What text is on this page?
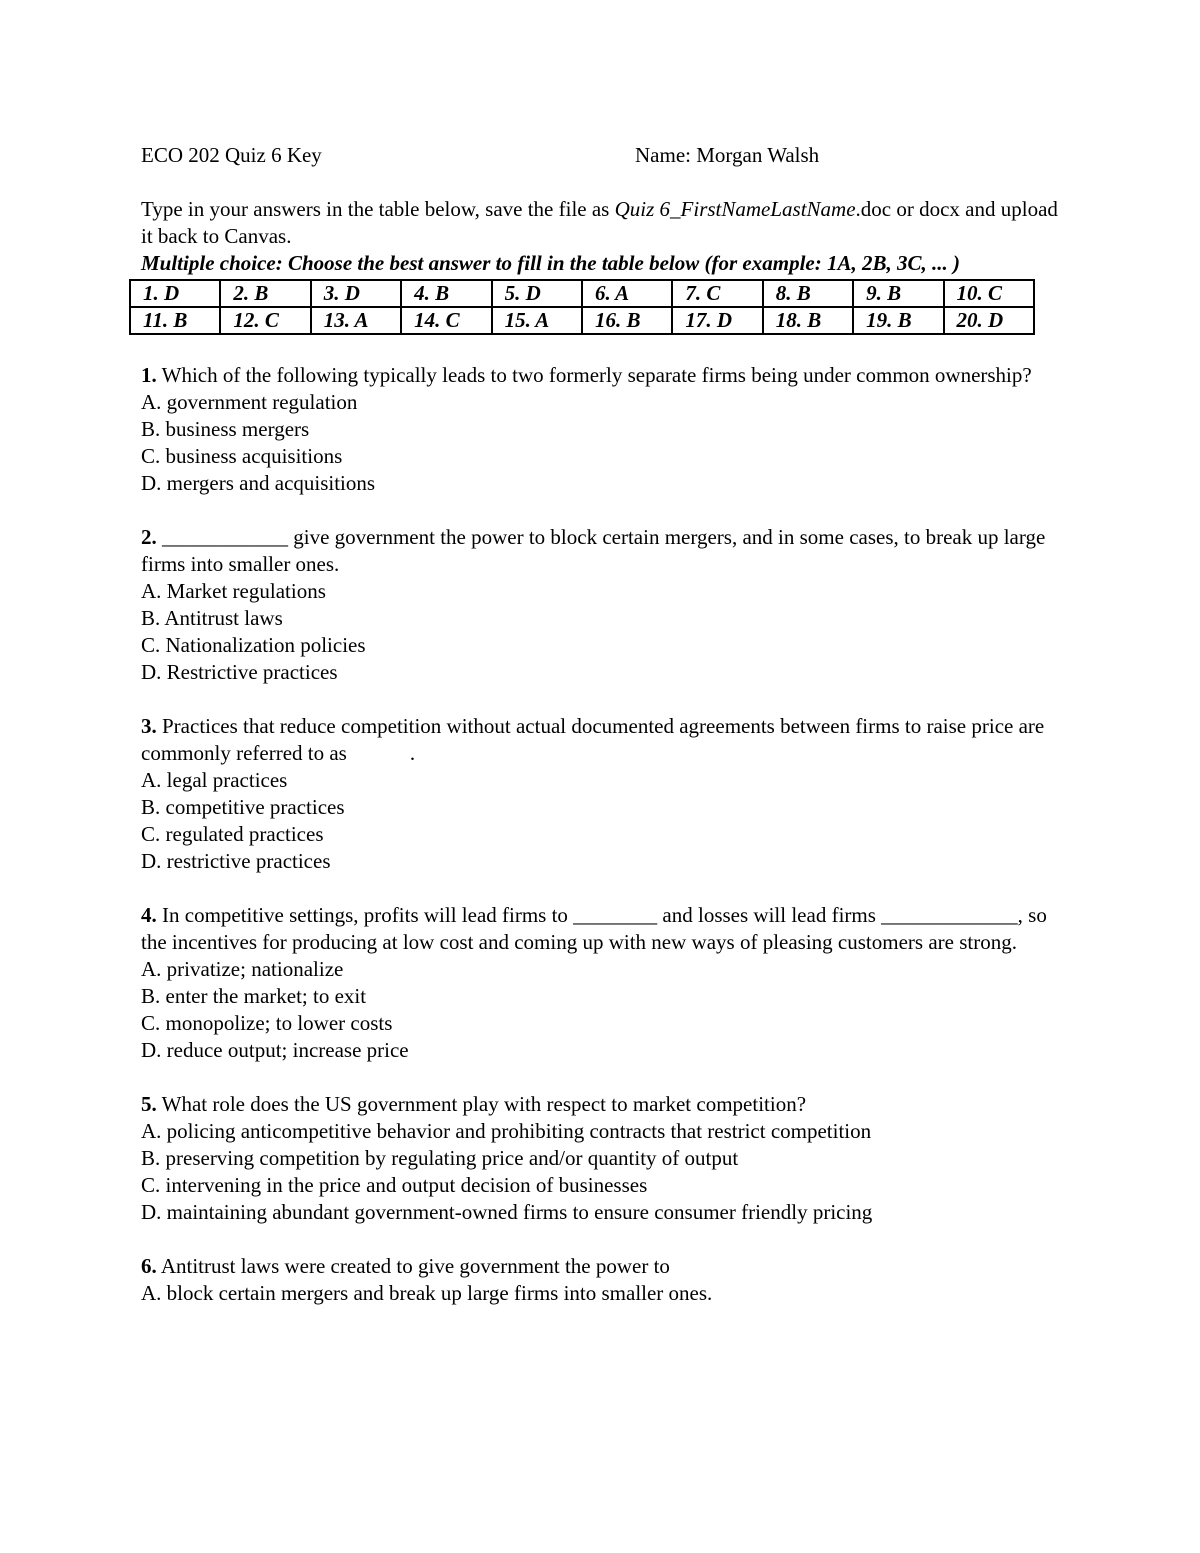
ECO 202 Quiz 6 Key	Name: Morgan Walsh
Type in your answers in the table below, save the file as Quiz 6_FirstNameLastName.doc or docx and upload it back to Canvas.
Multiple choice: Choose the best answer to fill in the table below (for example: 1A, 2B, 3C, ... )
1. D	2. B	3. D	4. B	5. D	6. A	7. C	8. B	9. B	10. C
11. B	12. C	13. A	14. C	15. A	16. B	17. D	18. B	19. B	20. D
1. Which of the following typically leads to two formerly separate firms being under common ownership?
A. government regulation
B. business mergers
C. business acquisitions
D. mergers and acquisitions
2. ____________ give government the power to block certain mergers, and in some cases, to break up large firms into smaller ones.
A. Market regulations
B. Antitrust laws
C. Nationalization policies
D. Restrictive practices
3. Practices that reduce competition without actual documented agreements between firms to raise price are commonly referred to as            .
A. legal practices
B. competitive practices
C. regulated practices
D. restrictive practices
4. In competitive settings, profits will lead firms to ________ and losses will lead firms _____________, so the incentives for producing at low cost and coming up with new ways of pleasing customers are strong.
A. privatize; nationalize
B. enter the market; to exit
C. monopolize; to lower costs
D. reduce output; increase price
5. What role does the US government play with respect to market competition?
A. policing anticompetitive behavior and prohibiting contracts that restrict competition
B. preserving competition by regulating price and/or quantity of output
C. intervening in the price and output decision of businesses
D. maintaining abundant government-owned firms to ensure consumer friendly pricing
6. Antitrust laws were created to give government the power to
A. block certain mergers and break up large firms into smaller ones.
